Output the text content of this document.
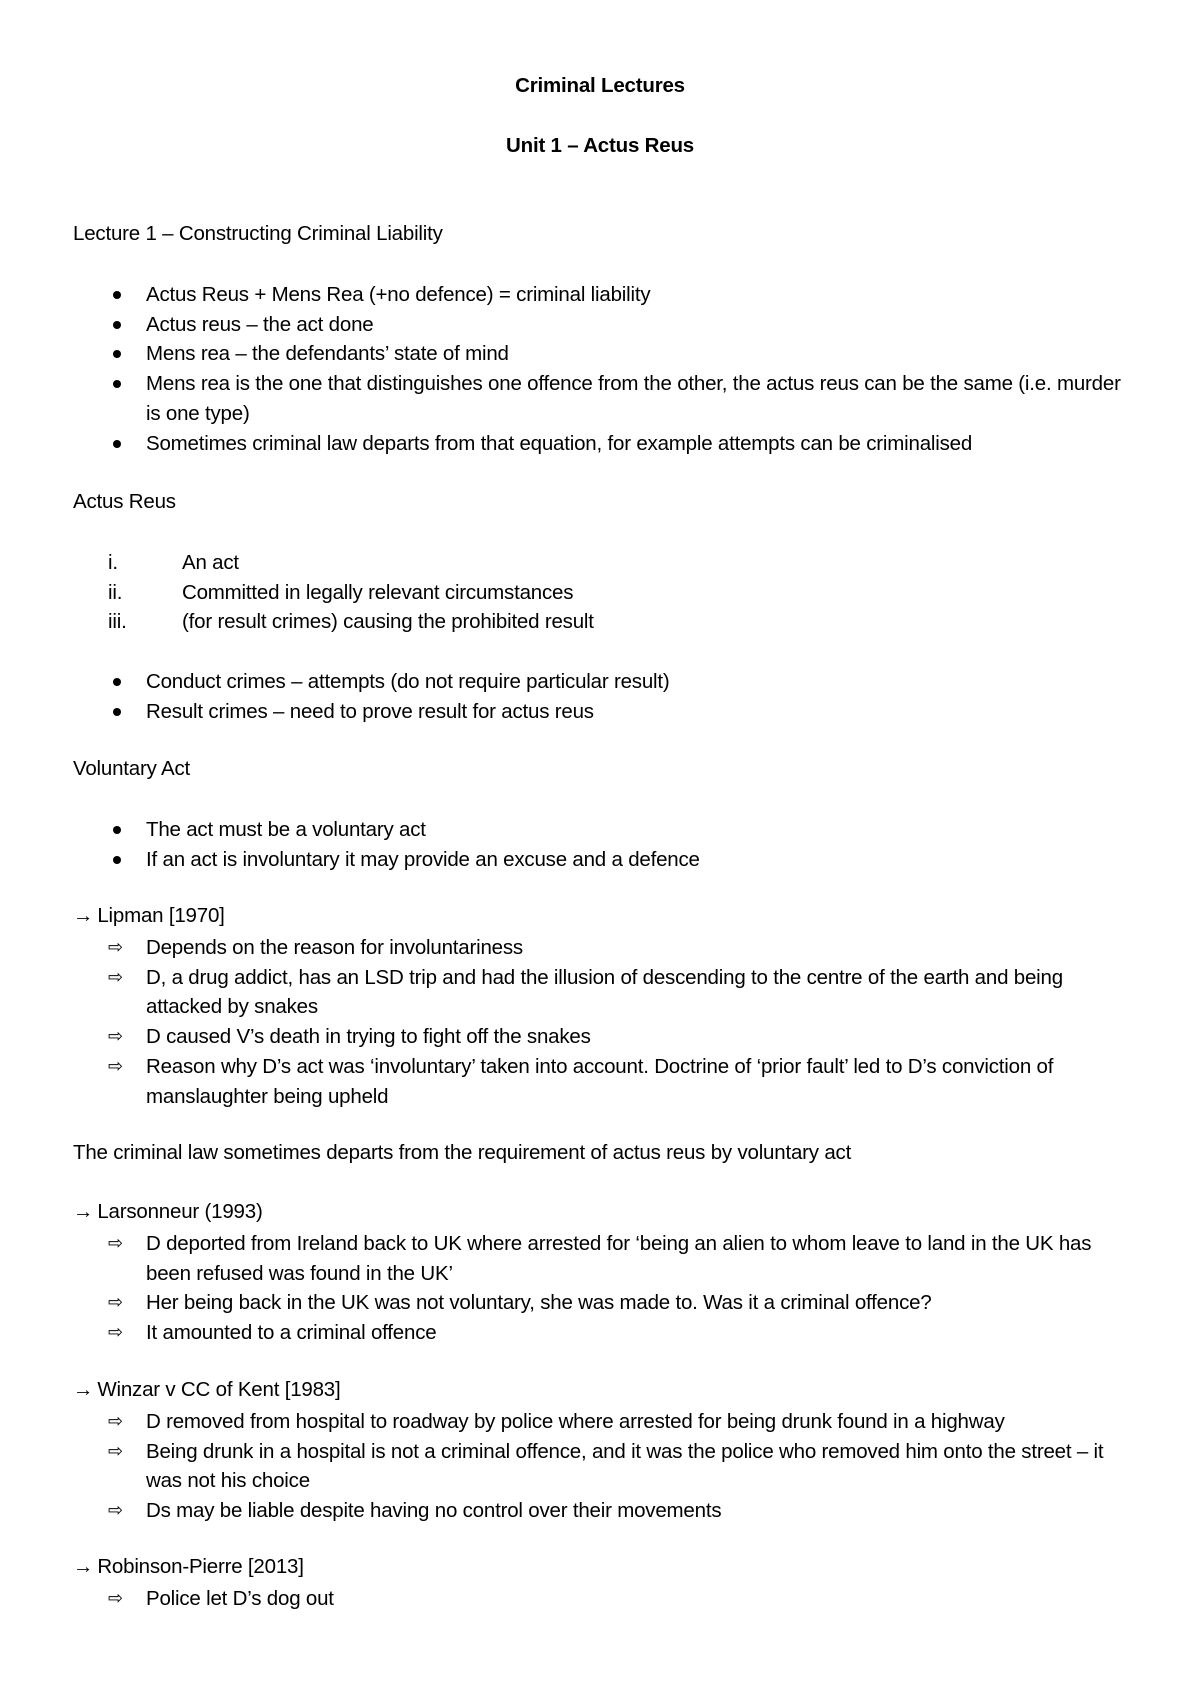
Criminal Lectures
Unit 1 – Actus Reus
Lecture 1 – Constructing Criminal Liability
Actus Reus + Mens Rea (+no defence) = criminal liability
Actus reus – the act done
Mens rea – the defendants’ state of mind
Mens rea is the one that distinguishes one offence from the other, the actus reus can be the same (i.e. murder is one type)
Sometimes criminal law departs from that equation, for example attempts can be criminalised
Actus Reus
i.	An act
ii.	Committed in legally relevant circumstances
iii.	(for result crimes) causing the prohibited result
Conduct crimes – attempts (do not require particular result)
Result crimes – need to prove result for actus reus
Voluntary Act
The act must be a voluntary act
If an act is involuntary it may provide an excuse and a defence
→ Lipman [1970]
⇨ Depends on the reason for involuntariness
⇨ D, a drug addict, has an LSD trip and had the illusion of descending to the centre of the earth and being attacked by snakes
⇨ D caused V’s death in trying to fight off the snakes
⇨ Reason why D’s act was ‘involuntary’ taken into account. Doctrine of ‘prior fault’ led to D’s conviction of manslaughter being upheld
The criminal law sometimes departs from the requirement of actus reus by voluntary act
→ Larsonneur (1993)
⇨ D deported from Ireland back to UK where arrested for ‘being an alien to whom leave to land in the UK has been refused was found in the UK’
⇨ Her being back in the UK was not voluntary, she was made to. Was it a criminal offence?
⇨ It amounted to a criminal offence
→ Winzar v CC of Kent [1983]
⇨ D removed from hospital to roadway by police where arrested for being drunk found in a highway
⇨ Being drunk in a hospital is not a criminal offence, and it was the police who removed him onto the street – it was not his choice
⇨ Ds may be liable despite having no control over their movements
→ Robinson-Pierre [2013]
⇨ Police let D’s dog out
